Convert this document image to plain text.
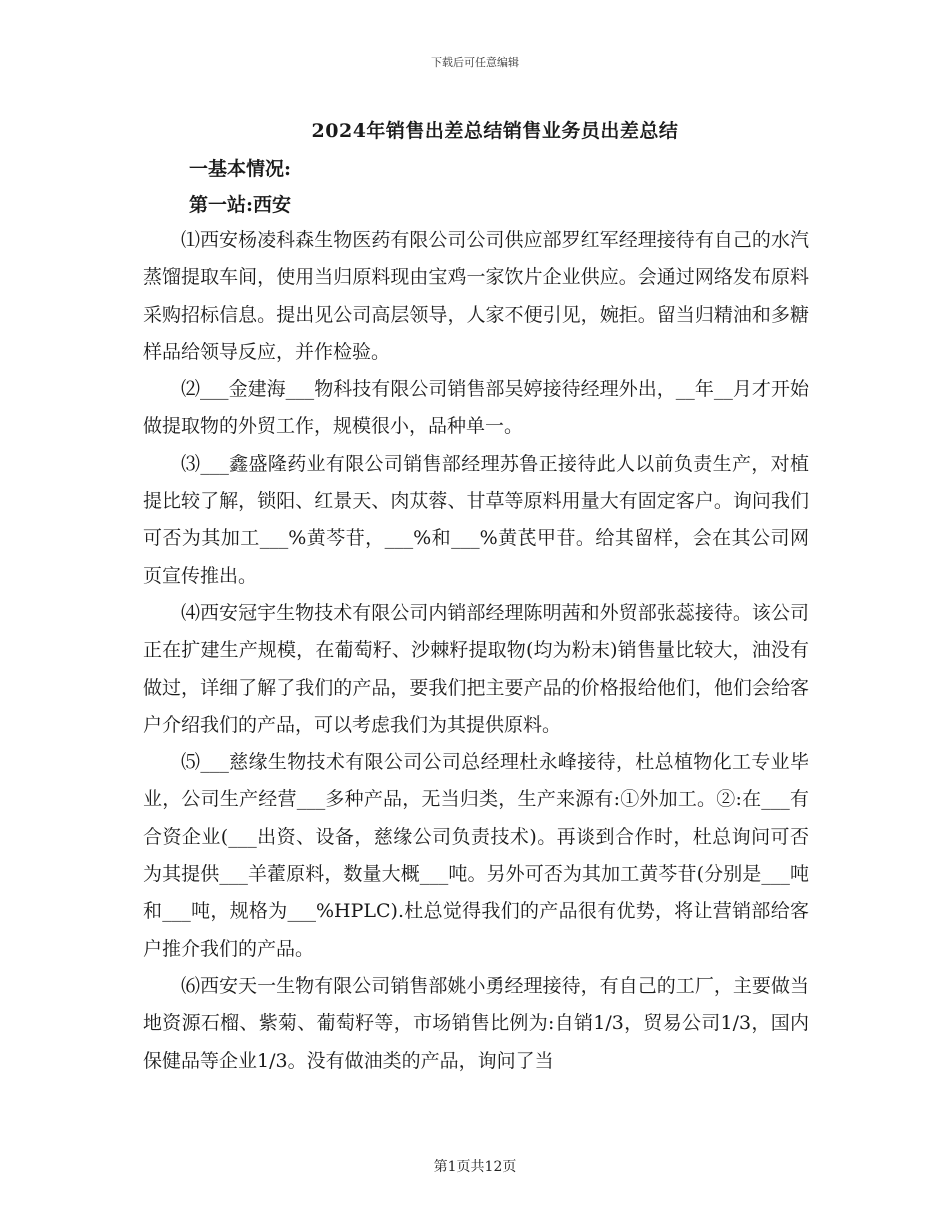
下载后可任意编辑
2024年销售出差总结销售业务员出差总结
一基本情况:
第一站:西安

⑴西安杨凌科森生物医药有限公司公司供应部罗红军经理接待有自己的水汽蒸馏提取车间，使用当归原料现由宝鸡一家饮片企业供应。会通过网络发布原料采购招标信息。提出见公司高层领导，人家不便引见，婉拒。留当归精油和多糖样品给领导反应，并作检验。

⑵___金建海___物科技有限公司销售部吴婷接待经理外出，__年__月才开始做提取物的外贸工作，规模很小，品种单一。

⑶___鑫盛隆药业有限公司销售部经理苏鲁正接待此人以前负责生产，对植提比较了解，锁阳、红景天、肉苁蓉、甘草等原料用量大有固定客户。询问我们可否为其加工___%黄芩苷，___%和___%黄芪甲苷。给其留样，会在其公司网页宣传推出。

⑷西安冠宇生物技术有限公司内销部经理陈明茜和外贸部张蕊接待。该公司正在扩建生产规模，在葡萄籽、沙棘籽提取物(均为粉末)销售量比较大，油没有做过，详细了解了我们的产品，要我们把主要产品的价格报给他们，他们会给客户介绍我们的产品，可以考虑我们为其提供原料。

⑸___慈缘生物技术有限公司公司总经理杜永峰接待，杜总植物化工专业毕业，公司生产经营___多种产品，无当归类，生产来源有:①外加工。②:在___有合资企业(___出资、设备，慈缘公司负责技术)。再谈到合作时，杜总询问可否为其提供___羊藿原料，数量大概___吨。另外可否为其加工黄芩苷(分别是___吨和___吨，规格为___%HPLC).杜总觉得我们的产品很有优势，将让营销部给客户推介我们的产品。

⑹西安天一生物有限公司销售部姚小勇经理接待，有自己的工厂，主要做当地资源石榴、紫菊、葡萄籽等，市场销售比例为:自销1/3，贸易公司1/3，国内保健品等企业1/3。没有做油类的产品，询问了当

第1页共12页
